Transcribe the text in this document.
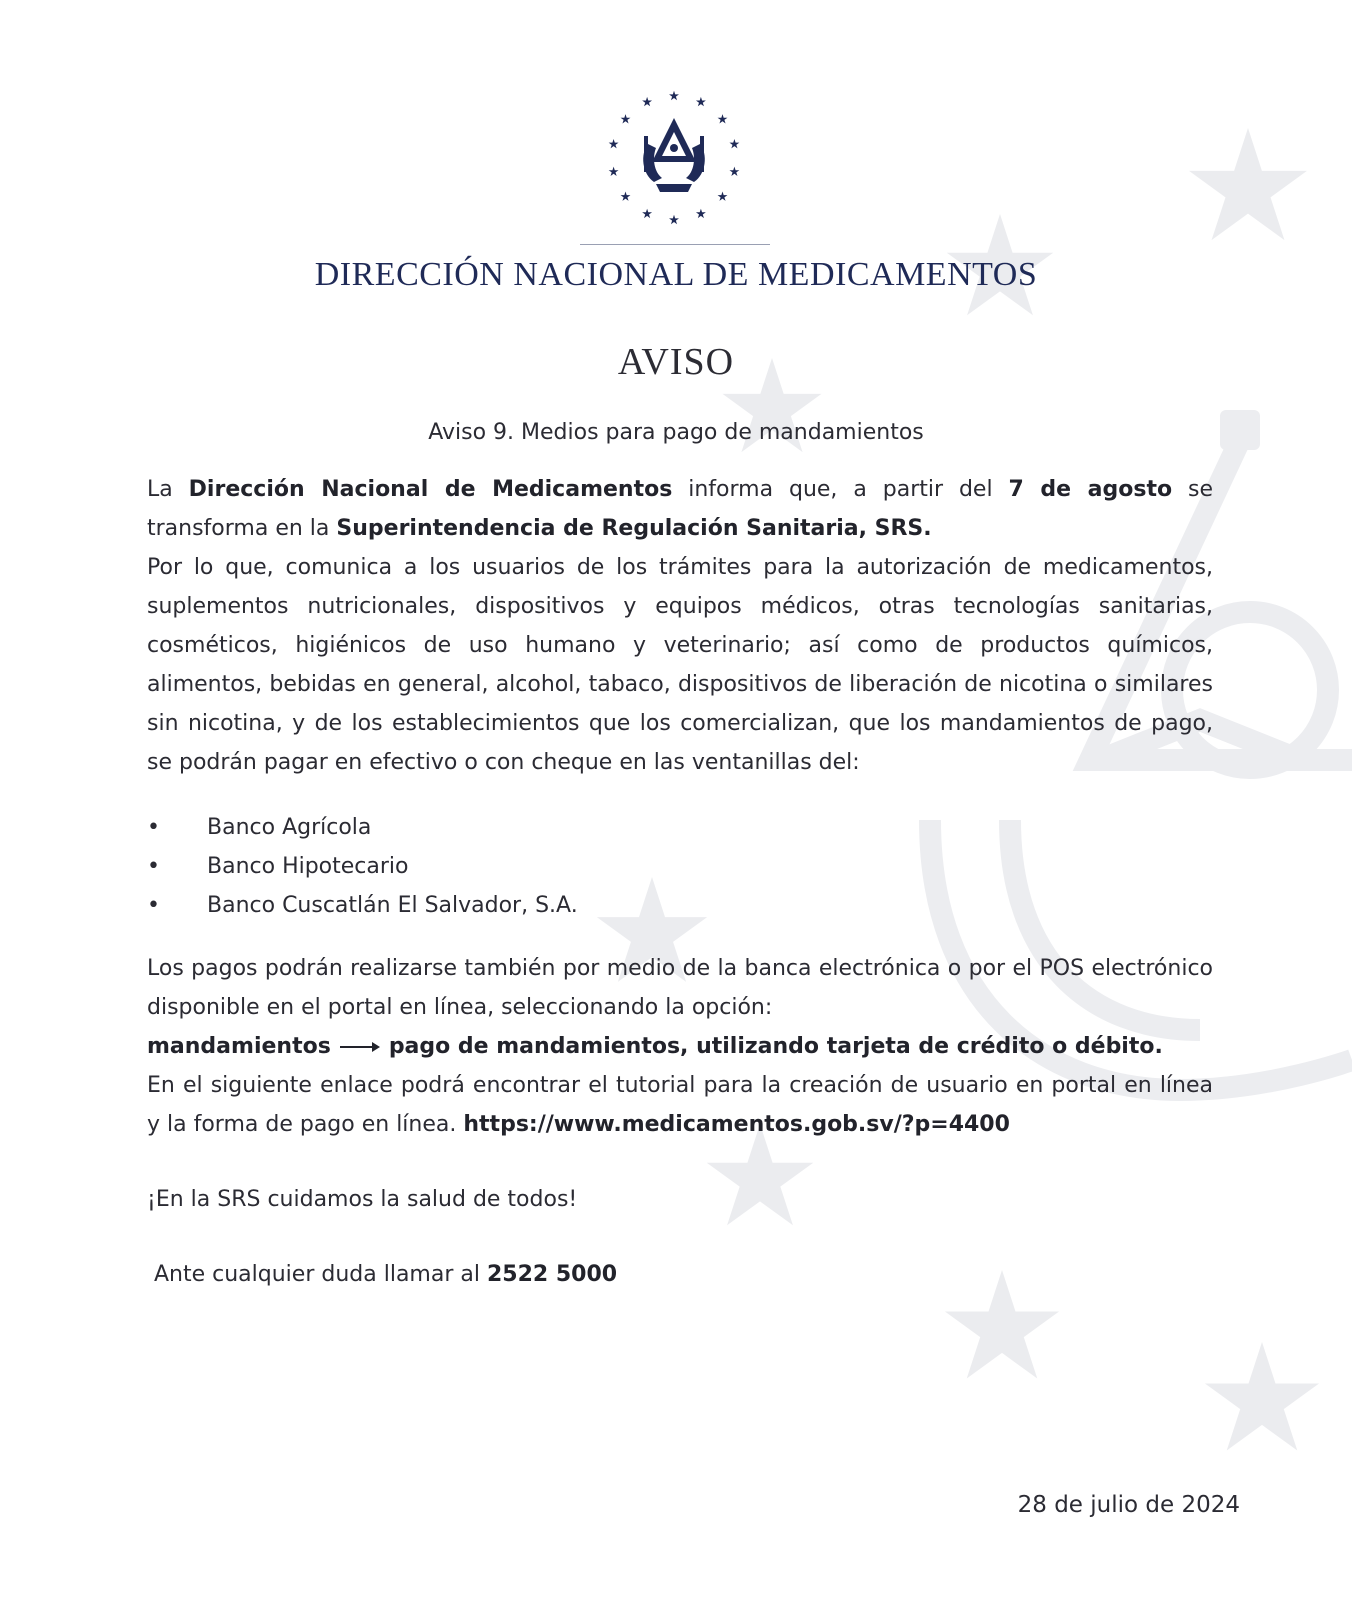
DIRECCIÓN NACIONAL DE MEDICAMENTOS
AVISO
Aviso 9. Medios para pago de mandamientos

La Dirección Nacional de Medicamentos informa que, a partir del 7 de agosto se transforma en la Superintendencia de Regulación Sanitaria, SRS.

Por lo que, comunica a los usuarios de los trámites para la autorización de medicamentos, suplementos nutricionales, dispositivos y equipos médicos, otras tecnologías sanitarias, cosméticos, higiénicos de uso humano y veterinario; así como de productos químicos, alimentos, bebidas en general, alcohol, tabaco, dispositivos de liberación de nicotina o similares sin nicotina, y de los establecimientos que los comercializan, que los mandamientos de pago, se podrán pagar en efectivo o con cheque en las ventanillas del:

• Banco Agrícola
• Banco Hipotecario
• Banco Cuscatlán El Salvador, S.A.

Los pagos podrán realizarse también por medio de la banca electrónica o por el POS electrónico disponible en el portal en línea, seleccionando la opción:

mandamientos	pago de mandamientos, utilizando tarjeta de crédito o débito.

En el siguiente enlace podrá encontrar el tutorial para la creación de usuario en portal en línea y la forma de pago en línea. https://www.medicamentos.gob.sv/?p=4400

¡En la SRS cuidamos la salud de todos!

Ante cualquier duda llamar al 2522 5000

28 de julio de 2024
